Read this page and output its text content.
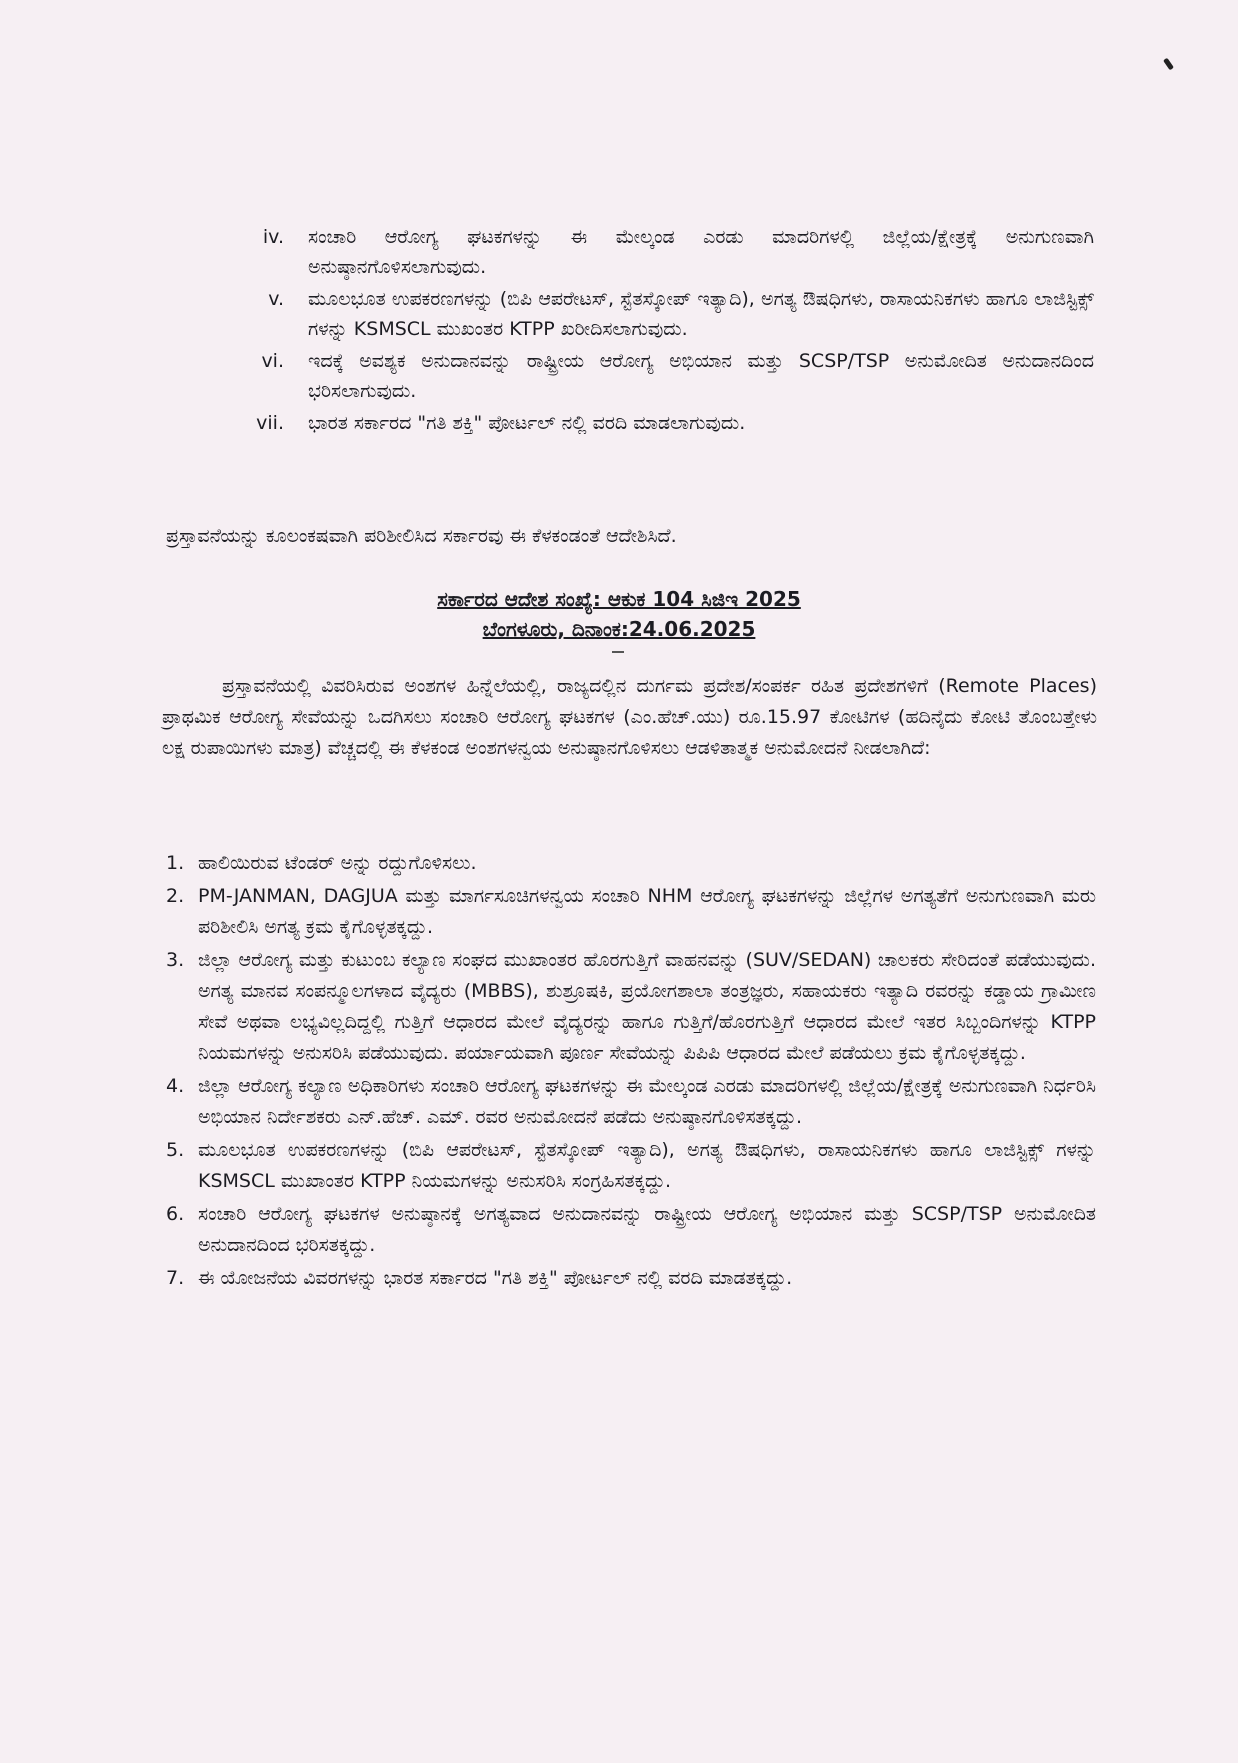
iv.	ಸಂಚಾರಿ ಆರೋಗ್ಯ ಘಟಕಗಳನ್ನು ಈ ಮೇಲ್ಕಂಡ ಎರಡು ಮಾದರಿಗಳಲ್ಲಿ ಜಿಲ್ಲೆಯ/ಕ್ಷೇತ್ರಕ್ಕೆ ಅನುಗುಣವಾಗಿ ಅನುಷ್ಠಾನಗೊಳಿಸಲಾಗುವುದು.
v.	ಮೂಲಭೂತ ಉಪಕರಣಗಳನ್ನು (ಬಿಪಿ ಆಪರೇಟಸ್, ಸ್ಟೆತಸ್ಕೋಪ್ ಇತ್ಯಾದಿ), ಅಗತ್ಯ ಔಷಧಿಗಳು, ರಾಸಾಯನಿಕಗಳು ಹಾಗೂ ಲಾಜಿಸ್ಟಿಕ್ಸ್ ಗಳನ್ನು KSMSCL ಮುಖಂತರ KTPP ಖರೀದಿಸಲಾಗುವುದು.
vi.	ಇದಕ್ಕೆ ಅವಶ್ಯಕ ಅನುದಾನವನ್ನು ರಾಷ್ಟ್ರೀಯ ಆರೋಗ್ಯ ಅಭಿಯಾನ ಮತ್ತು SCSP/TSP ಅನುಮೋದಿತ ಅನುದಾನದಿಂದ ಭರಿಸಲಾಗುವುದು.
vii.	ಭಾರತ ಸರ್ಕಾರದ "ಗತಿ ಶಕ್ತಿ" ಪೋರ್ಟಲ್ ನಲ್ಲಿ ವರದಿ ಮಾಡಲಾಗುವುದು.
ಪ್ರಸ್ತಾವನೆಯನ್ನು ಕೂಲಂಕಷವಾಗಿ ಪರಿಶೀಲಿಸಿದ ಸರ್ಕಾರವು ಈ ಕೆಳಕಂಡಂತೆ ಆದೇಶಿಸಿದೆ.
ಸರ್ಕಾರದ ಆದೇಶ ಸಂಖ್ಯೆ: ಆಕುಕ 104 ಸಿಜಿಇ 2025
ಬೆಂಗಳೂರು, ದಿನಾಂಕ:24.06.2025
ಪ್ರಸ್ತಾವನೆಯಲ್ಲಿ ವಿವರಿಸಿರುವ ಅಂಶಗಳ ಹಿನ್ನೆಲೆಯಲ್ಲಿ, ರಾಜ್ಯದಲ್ಲಿನ ದುರ್ಗಮ ಪ್ರದೇಶ/ಸಂಪರ್ಕ ರಹಿತ ಪ್ರದೇಶಗಳಿಗೆ (Remote Places) ಪ್ರಾಥಮಿಕ ಆರೋಗ್ಯ ಸೇವೆಯನ್ನು ಒದಗಿಸಲು ಸಂಚಾರಿ ಆರೋಗ್ಯ ಘಟಕಗಳ (ಎಂ.ಹೆಚ್.ಯು) ರೂ.15.97 ಕೋಟಿಗಳ (ಹದಿನೈದು ಕೋಟಿ ತೊಂಬತ್ತೇಳು ಲಕ್ಷ ರುಪಾಯಿಗಳು ಮಾತ್ರ) ವೆಚ್ಚದಲ್ಲಿ ಈ ಕೆಳಕಂಡ ಅಂಶಗಳನ್ವಯ ಅನುಷ್ಠಾನಗೊಳಿಸಲು ಆಡಳಿತಾತ್ಮಕ ಅನುಮೋದನೆ ನೀಡಲಾಗಿದೆ:
1. ಹಾಲಿಯಿರುವ ಟೆಂಡರ್ ಅನ್ನು ರದ್ದುಗೊಳಿಸಲು.
2. PM-JANMAN, DAGJUA ಮತ್ತು ಮಾರ್ಗಸೂಚಿಗಳನ್ವಯ ಸಂಚಾರಿ NHM ಆರೋಗ್ಯ ಘಟಕಗಳನ್ನು ಜಿಲ್ಲೆಗಳ ಅಗತ್ಯತೆಗೆ ಅನುಗುಣವಾಗಿ ಮರು ಪರಿಶೀಲಿಸಿ ಅಗತ್ಯ ಕ್ರಮ ಕೈಗೊಳ್ಳತಕ್ಕದ್ದು.
3. ಜಿಲ್ಲಾ ಆರೋಗ್ಯ ಮತ್ತು ಕುಟುಂಬ ಕಲ್ಯಾಣ ಸಂಘದ ಮುಖಾಂತರ ಹೊರಗುತ್ತಿಗೆ ವಾಹನವನ್ನು (SUV/SEDAN) ಚಾಲಕರು ಸೇರಿದಂತೆ ಪಡೆಯುವುದು. ಅಗತ್ಯ ಮಾನವ ಸಂಪನ್ಮೂಲಗಳಾದ ವೈದ್ಯರು (MBBS), ಶುಶ್ರೂಷಕಿ, ಪ್ರಯೋಗಶಾಲಾ ತಂತ್ರಜ್ಞರು, ಸಹಾಯಕರು ಇತ್ಯಾದಿ ರವರನ್ನು ಕಡ್ಡಾಯ ಗ್ರಾಮೀಣ ಸೇವೆ ಅಥವಾ ಲಭ್ಯವಿಲ್ಲದಿದ್ದಲ್ಲಿ ಗುತ್ತಿಗೆ ಆಧಾರದ ಮೇಲೆ ವೈದ್ಯರನ್ನು ಹಾಗೂ ಗುತ್ತಿಗೆ/ಹೊರಗುತ್ತಿಗೆ ಆಧಾರದ ಮೇಲೆ ಇತರ ಸಿಬ್ಬಂದಿಗಳನ್ನು KTPP ನಿಯಮಗಳನ್ನು ಅನುಸರಿಸಿ ಪಡೆಯುವುದು. ಪರ್ಯಾಯವಾಗಿ ಪೂರ್ಣ ಸೇವೆಯನ್ನು ಪಿಪಿಪಿ ಆಧಾರದ ಮೇಲೆ ಪಡೆಯಲು ಕ್ರಮ ಕೈಗೊಳ್ಳತಕ್ಕದ್ದು.
4. ಜಿಲ್ಲಾ ಆರೋಗ್ಯ ಕಲ್ಯಾಣ ಅಧಿಕಾರಿಗಳು ಸಂಚಾರಿ ಆರೋಗ್ಯ ಘಟಕಗಳನ್ನು ಈ ಮೇಲ್ಕಂಡ ಎರಡು ಮಾದರಿಗಳಲ್ಲಿ ಜಿಲ್ಲೆಯ/ಕ್ಷೇತ್ರಕ್ಕೆ ಅನುಗುಣವಾಗಿ ನಿರ್ಧರಿಸಿ ಅಭಿಯಾನ ನಿರ್ದೇಶಕರು ಎನ್.ಹೆಚ್. ಎಮ್. ರವರ ಅನುಮೋದನೆ ಪಡೆದು ಅನುಷ್ಠಾನಗೊಳಿಸತಕ್ಕದ್ದು.
5. ಮೂಲಭೂತ ಉಪಕರಣಗಳನ್ನು (ಬಿಪಿ ಆಪರೇಟಸ್, ಸ್ಟೆತಸ್ಕೋಪ್ ಇತ್ಯಾದಿ), ಅಗತ್ಯ ಔಷಧಿಗಳು, ರಾಸಾಯನಿಕಗಳು ಹಾಗೂ ಲಾಜಿಸ್ಟಿಕ್ಸ್ ಗಳನ್ನು KSMSCL ಮುಖಾಂತರ KTPP ನಿಯಮಗಳನ್ನು ಅನುಸರಿಸಿ ಸಂಗ್ರಹಿಸತಕ್ಕದ್ದು.
6. ಸಂಚಾರಿ ಆರೋಗ್ಯ ಘಟಕಗಳ ಅನುಷ್ಠಾನಕ್ಕೆ ಅಗತ್ಯವಾದ ಅನುದಾನವನ್ನು ರಾಷ್ಟ್ರೀಯ ಆರೋಗ್ಯ ಅಭಿಯಾನ ಮತ್ತು SCSP/TSP ಅನುಮೋದಿತ ಅನುದಾನದಿಂದ ಭರಿಸತಕ್ಕದ್ದು.
7. ಈ ಯೋಜನೆಯ ವಿವರಗಳನ್ನು ಭಾರತ ಸರ್ಕಾರದ "ಗತಿ ಶಕ್ತಿ" ಪೋರ್ಟಲ್ ನಲ್ಲಿ ವರದಿ ಮಾಡತಕ್ಕದ್ದು.
